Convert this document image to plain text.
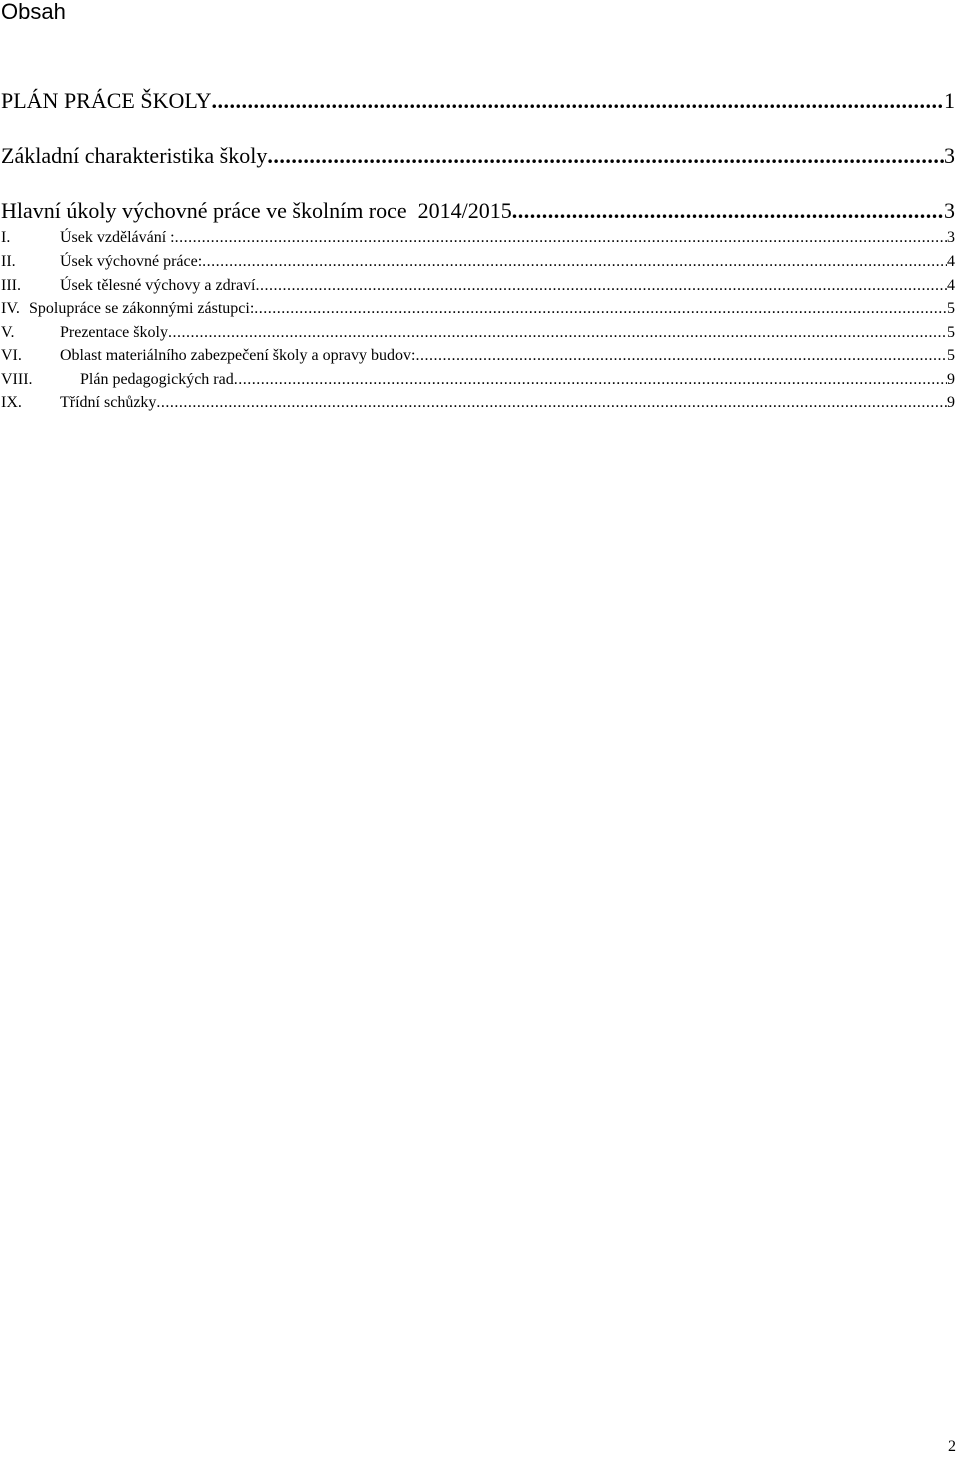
Obsah
PLÁN PRÁCE ŠKOLY .....	1
Základní charakteristika školy .....	3
Hlavní úkoly výchovné práce ve školním roce  2014/2015 .....	3
I.	Úsek vzdělávání : .....	3
II.	Úsek výchovné práce: .....	4
III.	Úsek tělesné výchovy a zdraví .....	4
IV. Spolupráce se zákonnými zástupci: .....	5
V.	Prezentace školy .....	5
VI.	Oblast materiálního zabezpečení školy a opravy budov: .....	5
VIII.	Plán pedagogických rad .....	9
IX.	Třídní schůzky .....	9
2
